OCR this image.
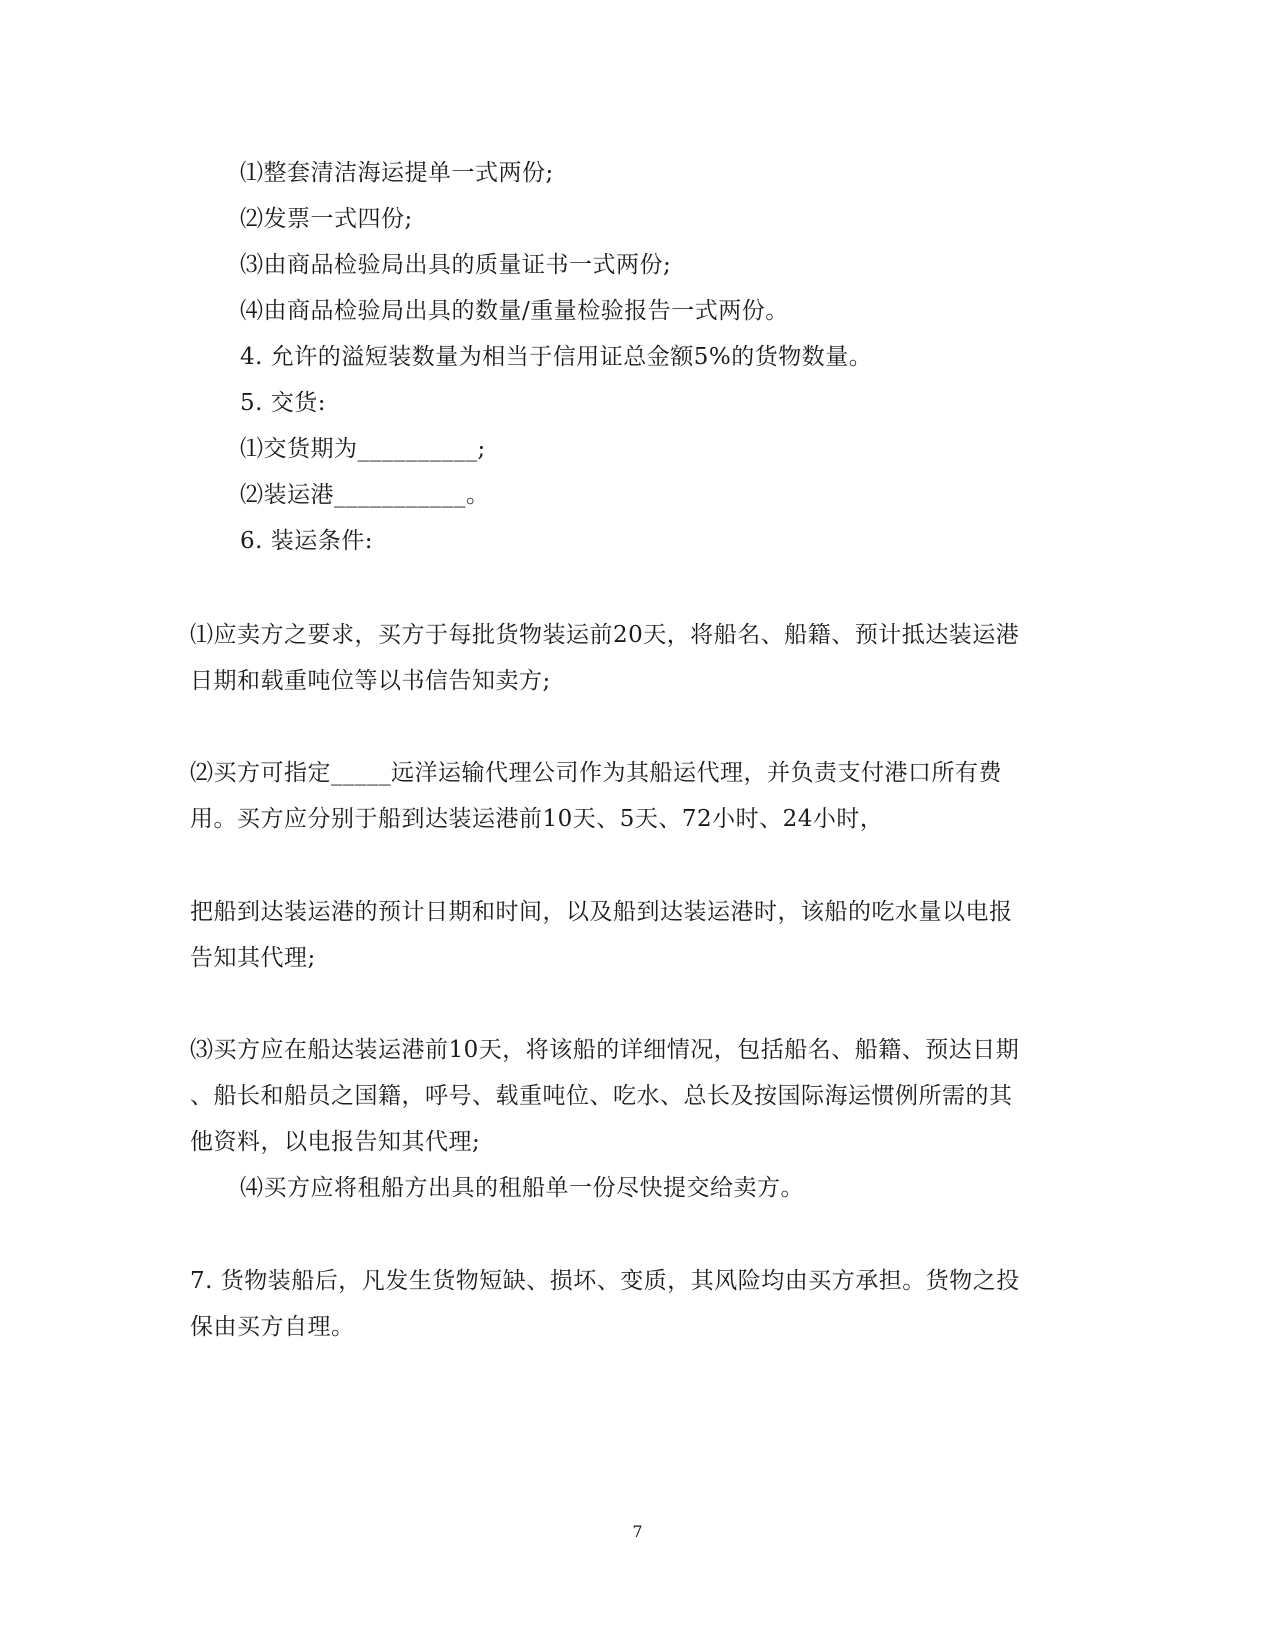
⑴整套清洁海运提单一式两份;
⑵发票一式四份;
⑶由商品检验局出具的质量证书一式两份;
⑷由商品检验局出具的数量/重量检验报告一式两份。
4. 允许的溢短装数量为相当于信用证总金额5%的货物数量。
5. 交货:
⑴交货期为__________;
⑵装运港___________。
6. 装运条件:
⑴应卖方之要求，买方于每批货物装运前20天，将船名、船籍、预计抵达装运港
日期和载重吨位等以书信告知卖方;
⑵买方可指定_____远洋运输代理公司作为其船运代理，并负责支付港口所有费
用。买方应分别于船到达装运港前10天、5天、72小时、24小时，
把船到达装运港的预计日期和时间，以及船到达装运港时，该船的吃水量以电报
告知其代理;
⑶买方应在船达装运港前10天，将该船的详细情况，包括船名、船籍、预达日期
、船长和船员之国籍，呼号、载重吨位、吃水、总长及按国际海运惯例所需的其
他资料，以电报告知其代理;
⑷买方应将租船方出具的租船单一份尽快提交给卖方。
7. 货物装船后，凡发生货物短缺、损坏、变质，其风险均由买方承担。货物之投
保由买方自理。
7
